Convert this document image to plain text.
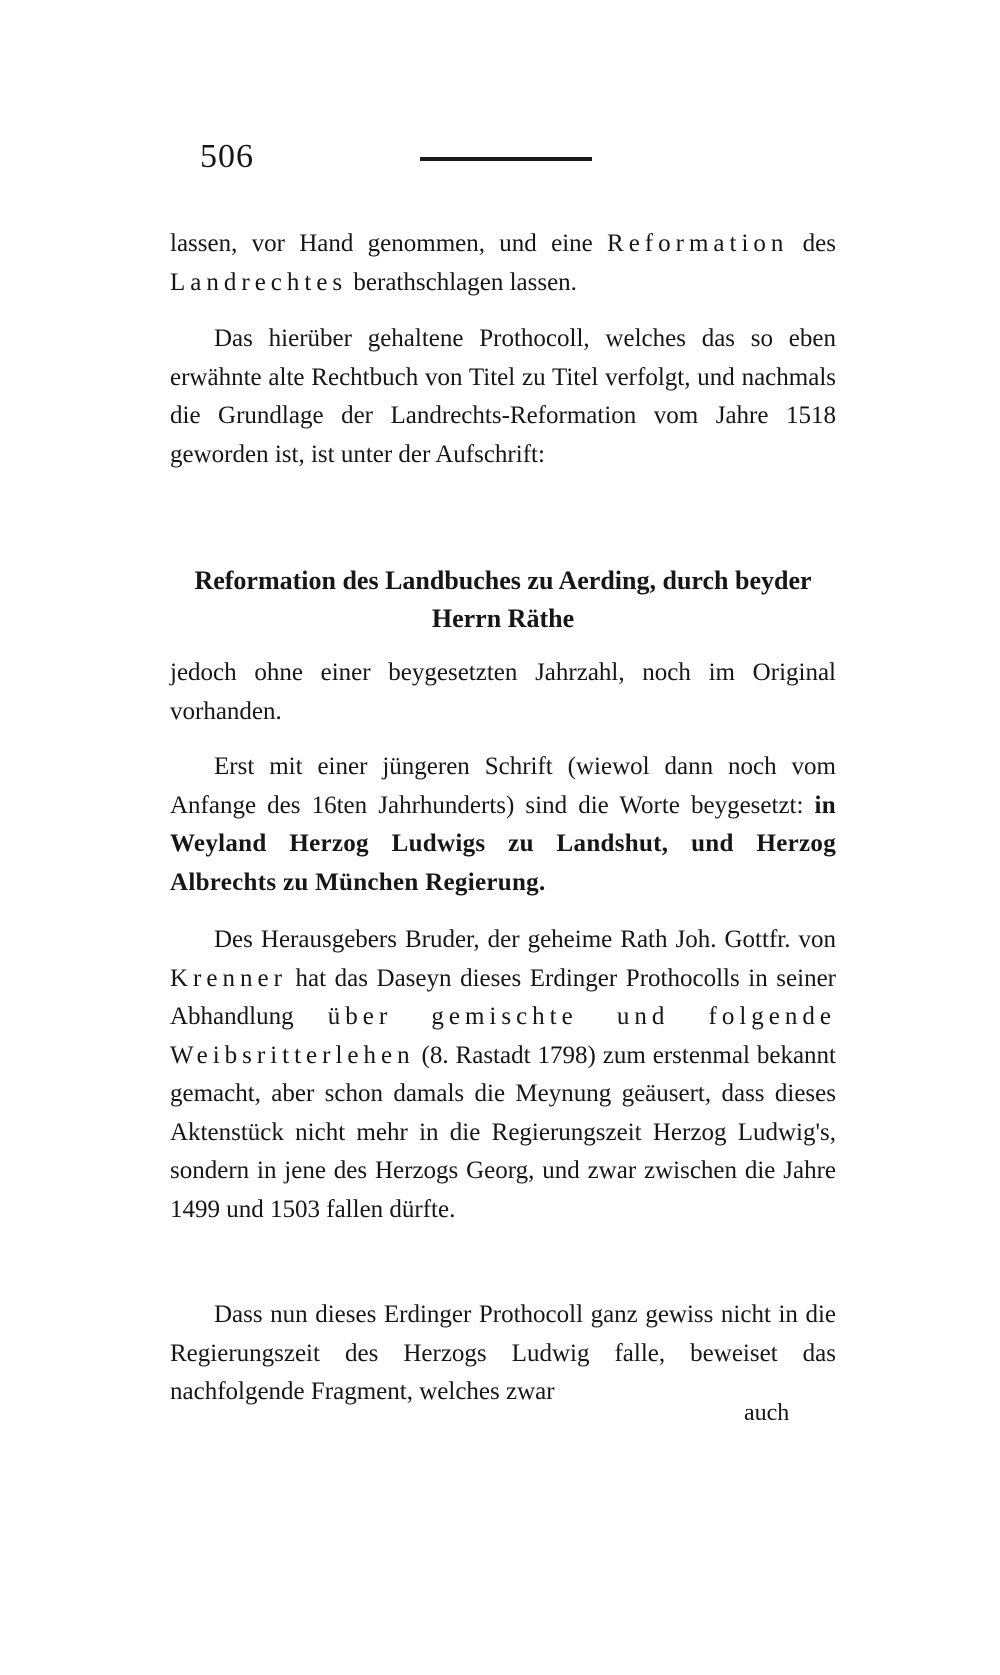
506

lassen, vor Hand genommen, und eine Reformation des Landrechtes berathschlagen lassen.

Das hierüber gehaltene Prothocoll, welches das so eben erwähnte alte Rechtbuch von Titel zu Titel verfolgt, und nachmals die Grundlage der Landrechts-Reformation vom Jahre 1518 geworden ist, ist unter der Aufschrift:

Reformation des Landbuches zu Aerding, durch beyder Herrn Räthe

jedoch ohne einer beygesetzten Jahrzahl, noch im Original vorhanden.

Erst mit einer jüngeren Schrift (wiewol dann noch vom Anfange des 16ten Jahrhunderts) sind die Worte beygesetzt: in Weyland Herzog Ludwigs zu Landshut, und Herzog Albrechts zu München Regierung.

Des Herausgebers Bruder, der geheime Rath Joh. Gottfr. von Krenner hat das Daseyn dieses Erdinger Prothocolls in seiner Abhandlung über gemischte und folgende Weibsritterlehen (8. Rastadt 1798) zum erstenmal bekannt gemacht, aber schon damals die Meynung geäusert, dass dieses Aktenstück nicht mehr in die Regierungszeit Herzog Ludwig's, sondern in jene des Herzogs Georg, und zwar zwischen die Jahre 1499 und 1503 fallen dürfte.

Dass nun dieses Erdinger Prothocoll ganz gewiss nicht in die Regierungszeit des Herzogs Ludwig falle, beweiset das nachfolgende Fragment, welches zwar

auch
